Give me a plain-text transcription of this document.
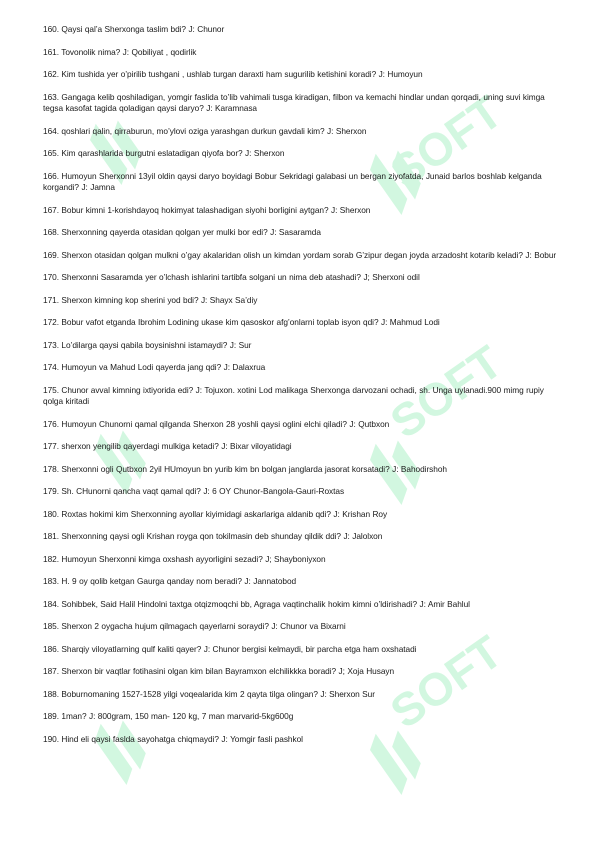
SOFT
SOFT
SOFT

160. Qaysi qal’a Sherxonga taslim bdi? J: Chunor

161. Tovonolik nima? J: Qobiliyat , qodirlik

162. Kim tushida yer o’pirilib tushgani , ushlab turgan daraxti ham sugurilib ketishini koradi? J: Humoyun

163. Gangaga kelib qoshiladigan, yomgir faslida to’lib vahimali tusga kiradigan, filbon va kemachi hindlar undan qorqadi, uning suvi kimga tegsa kasofat tagida qoladigan qaysi daryo? J: Karamnasa

164. qoshlari qalin, qirraburun, mo’ylovi oziga yarashgan durkun gavdali kim? J: Sherxon

165. Kim qarashlarida burgutni eslatadigan qiyofa bor? J: Sherxon

166. Humoyun Sherxonni 13yil oldin qaysi daryo boyidagi Bobur Sekridagi galabasi un bergan ziyofatda, Junaid barlos boshlab kelganda korgandi? J: Jamna

167. Bobur kimni 1-korishdayoq hokimyat talashadigan siyohi borligini aytgan? J: Sherxon

168. Sherxonning qayerda otasidan qolgan yer mulki bor edi? J: Sasaramda

169. Sherxon otasidan qolgan mulkni o’gay akalaridan olish un kimdan yordam sorab G’zipur degan joyda arzadosht kotarib keladi? J: Bobur

170. Sherxonni Sasaramda yer o’lchash ishlarini tartibfa solgani un nima deb atashadi? J; Sherxoni odil

171. Sherxon kimning kop sherini yod bdi? J: Shayx Sa’diy

172. Bobur vafot etganda Ibrohim Lodining ukase kim qasoskor afg’onlarni toplab isyon qdi? J: Mahmud Lodi

173. Lo’dilarga qaysi qabila boysinishni istamaydi? J: Sur

174. Humoyun va Mahud Lodi qayerda jang qdi? J: Dalaxrua

175. Chunor avval kimning ixtiyorida edi? J: Tojuxon. xotini Lod malikaga Sherxonga darvozani ochadi, sh. Unga uylanadi.900 mimg rupiy qolga kiritadi

176. Humoyun Chunorni qamal qilganda Sherxon 28 yoshli qaysi oglini elchi qiladi? J: Qutbxon

177. sherxon yengilib qayerdagi mulkiga ketadi? J: Bixar viloyatidagi

178. Sherxonni ogli Qutbxon 2yil HUmoyun bn yurib kim bn bolgan janglarda jasorat korsatadi? J: Bahodirshoh

179. Sh. CHunorni qancha vaqt qamal qdi? J: 6 OY Chunor-Bangola-Gauri-Roxtas

180. Roxtas hokimi kim Sherxonning ayollar kiyimidagi askarlariga aldanib qdi? J: Krishan Roy

181. Sherxonning qaysi ogli Krishan royga qon tokilmasin deb shunday qildik ddi? J: Jalolxon

182. Humoyun Sherxonni kimga oxshash ayyorligini sezadi? J; Shayboniyxon

183. H. 9 oy qolib ketgan Gaurga qanday nom beradi? J: Jannatobod

184. Sohibbek, Said Halil Hindolni taxtga otqizmoqchi bb, Agraga vaqtinchalik hokim kimni o’ldirishadi? J: Amir Bahlul

185. Sherxon 2 oygacha hujum qilmagach qayerlarni soraydi? J: Chunor va Bixarni

186. Sharqiy viloyatlarning qulf kaliti qayer? J: Chunor bergisi kelmaydi, bir parcha etga ham oxshatadi

187. Sherxon bir vaqtlar fotihasini olgan kim bilan Bayramxon elchilikkka boradi? J; Xoja Husayn

188. Boburnomaning 1527-1528 yilgi voqealarida kim 2 qayta tilga olingan? J: Sherxon Sur

189. 1man? J: 800gram, 150 man- 120 kg, 7 man marvarid-5kg600g

190. Hind eli qaysi faslda sayohatga chiqmaydi? J: Yomgir fasli pashkol
